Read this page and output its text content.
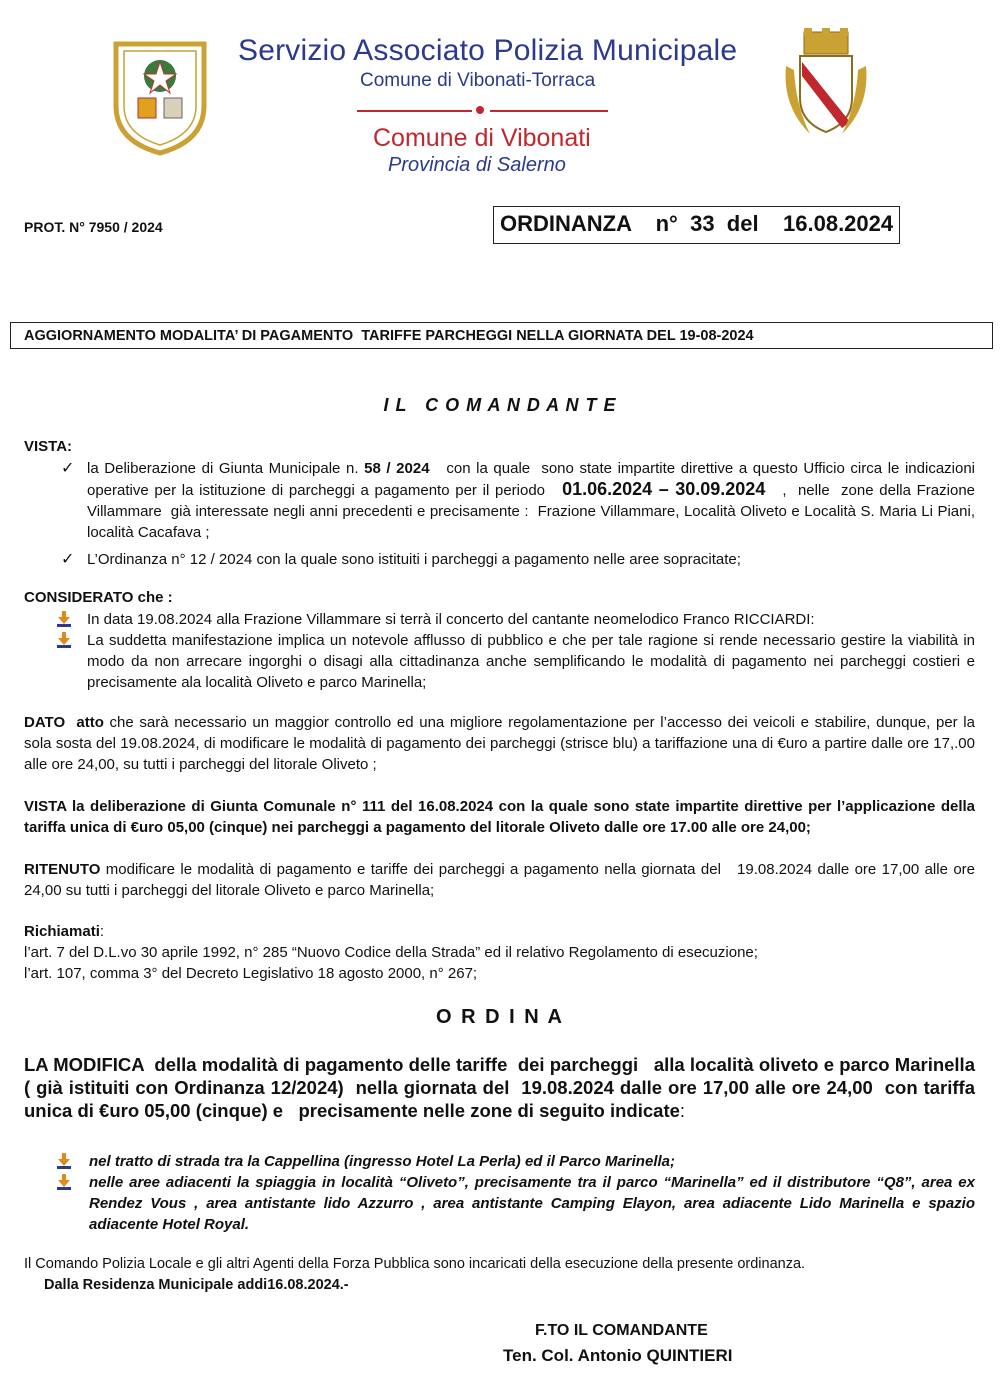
Servizio Associato Polizia Municipale
Comune di Vibonati-Torraca
Comune di Vibonati
Provincia di Salerno
PROT. N° 7950 / 2024	ORDINANZA    n°  33  del    16.08.2024
AGGIORNAMENTO MODALITA’ DI PAGAMENTO  TARIFFE PARCHEGGI NELLA GIORNATA DEL 19-08-2024
I L   C O M A N D A N T E
VISTA:
✓ la Deliberazione di Giunta Municipale n. 58 / 2024   con la quale  sono state impartite direttive a questo Ufficio circa le indicazioni operative per la istituzione di parcheggi a pagamento per il periodo   01.06.2024 – 30.09.2024   ,  nelle  zone della Frazione Villammare  già interessate negli anni precedenti e precisamente :  Frazione Villammare, Località Oliveto e Località S. Maria Li Piani, località Cacafava ;
✓ L’Ordinanza n° 12 / 2024 con la quale sono istituiti i parcheggi a pagamento nelle aree sopracitate;
CONSIDERATO che :
In data 19.08.2024 alla Frazione Villammare si terrà il concerto del cantante neomelodico Franco RICCIARDI:
La suddetta manifestazione implica un notevole afflusso di pubblico e che per tale ragione si rende necessario gestire la viabilità in modo da non arrecare ingorghi o disagi alla cittadinanza anche semplificando le modalità di pagamento nei parcheggi costieri e precisamente ala località Oliveto e parco Marinella;
DATO  atto che sarà necessario un maggior controllo ed una migliore regolamentazione per l’accesso dei veicoli e stabilire, dunque, per la sola sosta del 19.08.2024, di modificare le modalità di pagamento dei parcheggi (strisce blu) a tariffazione una di €uro a partire dalle ore 17,.00 alle ore 24,00, su tutti i parcheggi del litorale Oliveto ;
VISTA la deliberazione di Giunta Comunale n° 111 del 16.08.2024 con la quale sono state impartite direttive per l’applicazione della tariffa unica di €uro 05,00 (cinque) nei parcheggi a pagamento del litorale Oliveto dalle ore 17.00 alle ore 24,00;
RITENUTO modificare le modalità di pagamento e tariffe dei parcheggi a pagamento nella giornata del   19.08.2024 dalle ore 17,00 alle ore 24,00 su tutti i parcheggi del litorale Oliveto e parco Marinella;
Richiamati:
l’art. 7 del D.L.vo 30 aprile 1992, n° 285 “Nuovo Codice della Strada” ed il relativo Regolamento di esecuzione;
l’art. 107, comma 3° del Decreto Legislativo 18 agosto 2000, n° 267;
O R D I N A
LA MODIFICA  della modalità di pagamento delle tariffe  dei parcheggi   alla località oliveto e parco Marinella ( già istituiti con Ordinanza 12/2024)  nella giornata del  19.08.2024 dalle ore 17,00 alle ore 24,00  con tariffa unica di €uro 05,00 (cinque) e   precisamente nelle zone di seguito indicate:
nel tratto di strada tra la Cappellina (ingresso Hotel La Perla) ed il Parco Marinella;
nelle aree adiacenti la spiaggia in località “Oliveto”, precisamente tra il parco “Marinella” ed il distributore “Q8”, area ex Rendez Vous , area antistante lido Azzurro , area antistante Camping Elayon, area adiacente Lido Marinella e spazio adiacente Hotel Royal.
Il Comando Polizia Locale e gli altri Agenti della Forza Pubblica sono incaricati della esecuzione della presente ordinanza.
Dalla Residenza Municipale addi16.08.2024.-
F.TO IL COMANDANTE
Ten. Col. Antonio QUINTIERI
